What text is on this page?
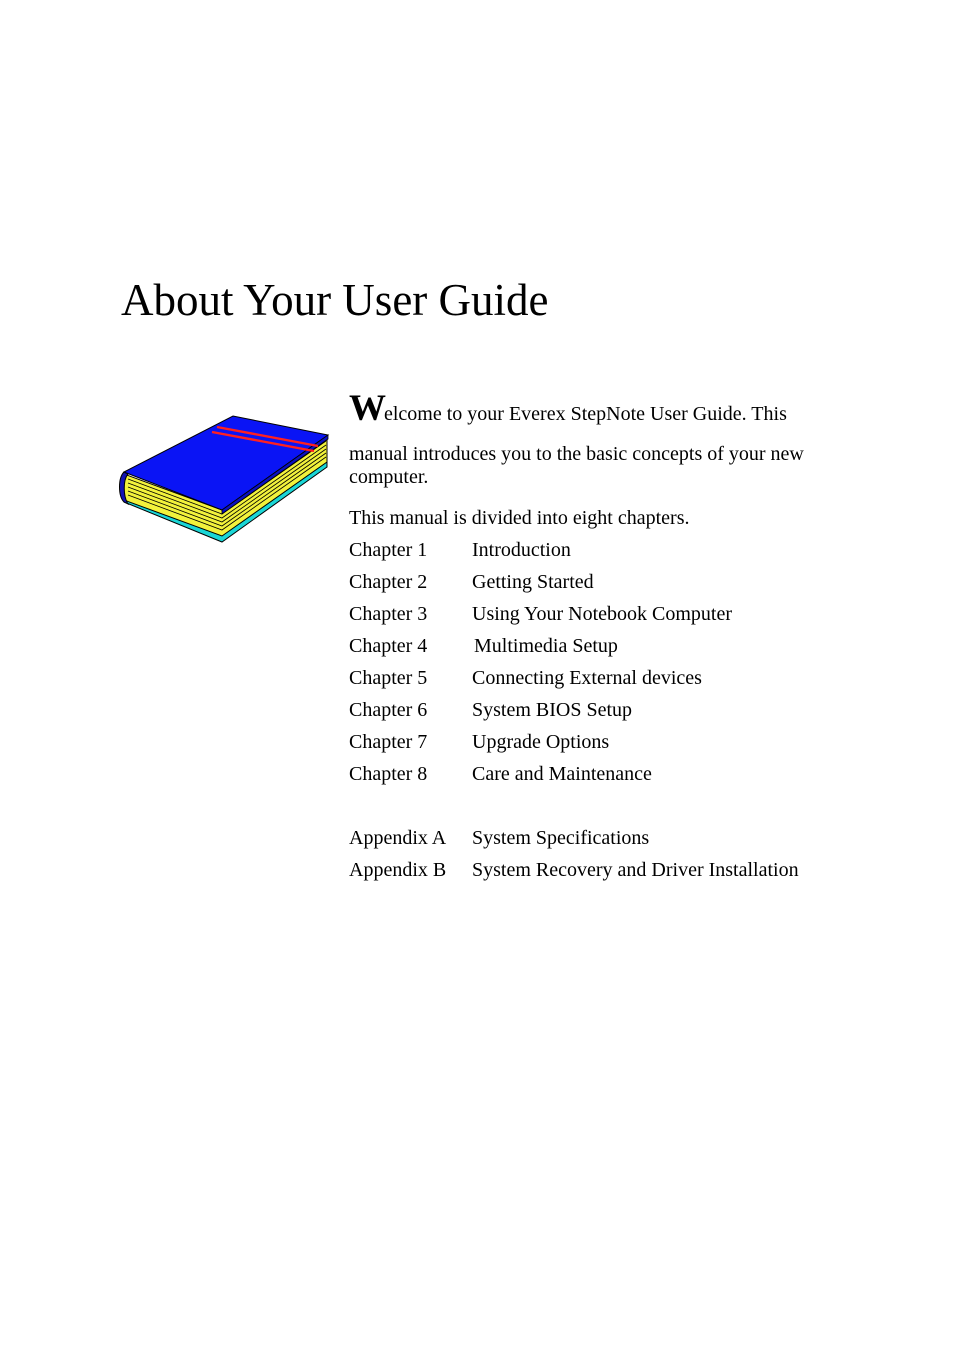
About Your User Guide

Welcome to your Everex StepNote User Guide. This
manual introduces you to the basic concepts of your new
computer.

This manual is divided into eight chapters.

Chapter 1	Introduction
Chapter 2	Getting Started
Chapter 3	Using Your Notebook Computer
Chapter 4	Multimedia Setup
Chapter 5	Connecting External devices
Chapter 6	System BIOS Setup
Chapter 7	Upgrade Options
Chapter 8	Care and Maintenance
Appendix A	System Specifications
Appendix B	System Recovery and Driver Installation
